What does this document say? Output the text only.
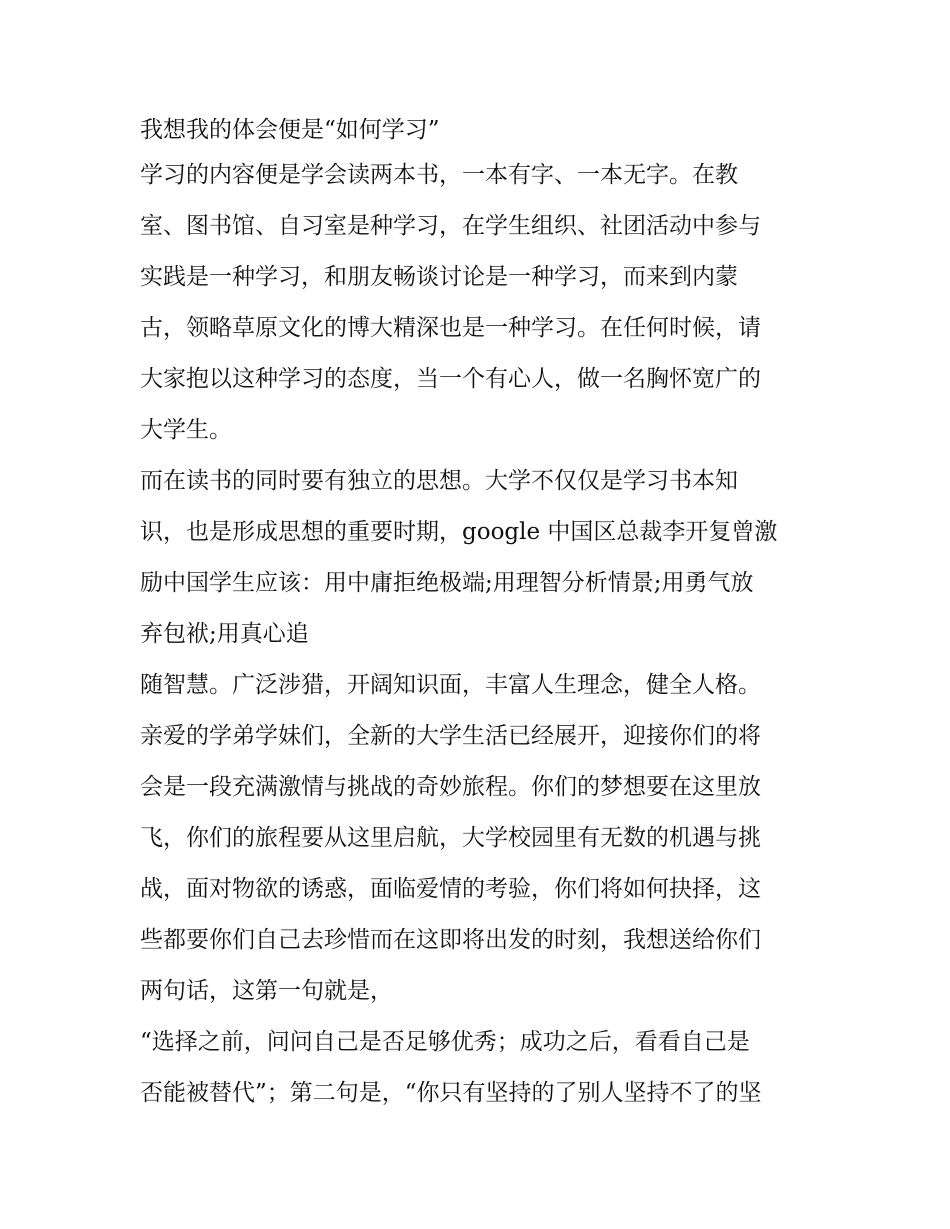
我想我的体会便是“如何学习”
学习的内容便是学会读两本书，一本有字、一本无字。在教
室、图书馆、自习室是种学习，在学生组织、社团活动中参与
实践是一种学习，和朋友畅谈讨论是一种学习，而来到内蒙
古，领略草原文化的博大精深也是一种学习。在任何时候，请
大家抱以这种学习的态度，当一个有心人，做一名胸怀宽广的
大学生。
而在读书的同时要有独立的思想。大学不仅仅是学习书本知
识，也是形成思想的重要时期，google 中国区总裁李开复曾激
励中国学生应该：用中庸拒绝极端;用理智分析情景;用勇气放
弃包袱;用真心追
随智慧。广泛涉猎，开阔知识面，丰富人生理念，健全人格。
亲爱的学弟学妹们，全新的大学生活已经展开，迎接你们的将
会是一段充满激情与挑战的奇妙旅程。你们的梦想要在这里放
飞，你们的旅程要从这里启航，大学校园里有无数的机遇与挑
战，面对物欲的诱惑，面临爱情的考验，你们将如何抉择，这
些都要你们自己去珍惜而在这即将出发的时刻，我想送给你们
两句话，这第一句就是，
“选择之前，问问自己是否足够优秀；成功之后，看看自己是
否能被替代”；第二句是，“你只有坚持的了别人坚持不了的坚
